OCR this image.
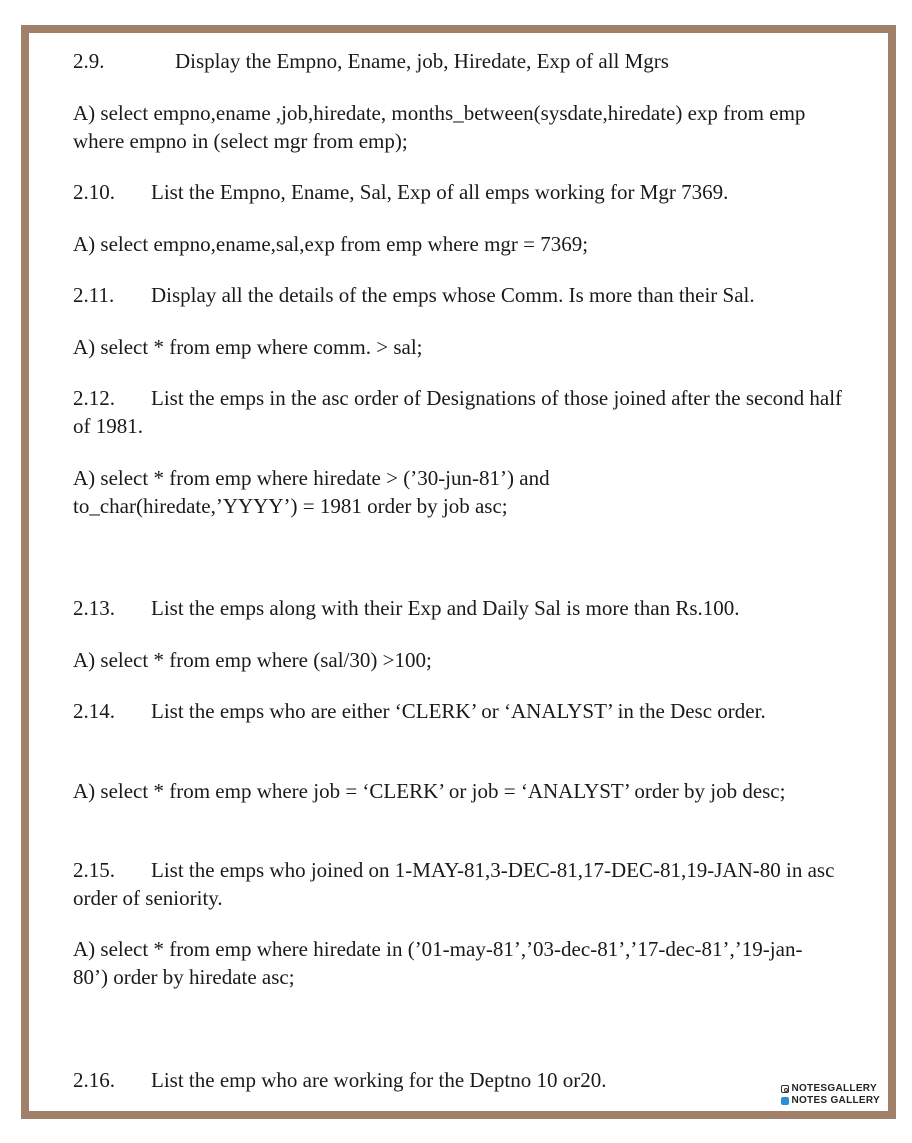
2.9.	Display the Empno, Ename, job, Hiredate, Exp of all Mgrs
A) select empno,ename ,job,hiredate, months_between(sysdate,hiredate) exp from emp where empno in (select mgr from emp);
2.10. List the Empno, Ename, Sal, Exp of all emps working for Mgr 7369.
A) select empno,ename,sal,exp from emp where mgr = 7369;
2.11. Display all the details of the emps whose Comm. Is more than their Sal.
A) select * from emp where comm. > sal;
2.12. List the emps in the asc order of Designations of those joined after the second half of 1981.
A) select * from emp where hiredate > (’30-jun-81’) and to_char(hiredate,’YYYY’) = 1981 order by job asc;
2.13. List the emps along with their Exp and Daily Sal is more than Rs.100.
A) select * from emp where (sal/30) >100;
2.14. List the emps who are either ‘CLERK’ or ‘ANALYST’ in the Desc order.
A) select * from emp where job = ‘CLERK’ or job = ‘ANALYST’ order by job desc;
2.15. List the emps who joined on 1-MAY-81,3-DEC-81,17-DEC-81,19-JAN-80 in asc order of seniority.
A) select * from emp where hiredate in (’01-may-81’,’03-dec-81’,’17-dec-81’,’19-jan-80’) order by hiredate asc;
2.16. List the emp who are working for the Deptno 10 or20.	NOTESGALLERY
NOTES GALLERY
